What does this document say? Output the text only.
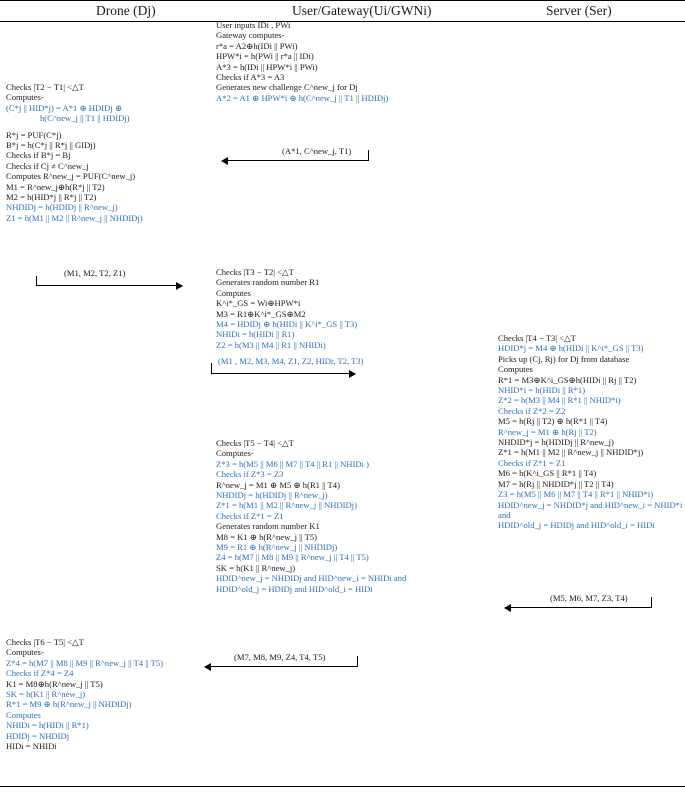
Drone (Dj)	User/Gateway(Ui/GWNi)	Server (Ser)
User inputs IDi , PWi
Gateway computes-
r*a = A2⊕h(IDi || PWi)
HPW*i = h(PWi || r*a || IDi)
A*3 = h(IDi || HPW*i || PWi)
Checks if A*3 = A3
Generates new challenge C^new_j for Dj
A*2 = A1 ⊕ HPW*i ⊕ h(C^new_j || T1 || HDIDj)
(A*1, C^new_j, T1)
Checks |T2 − T1| <△T
Computes-
(C*j || HID*j) = A*1 ⊕ HDIDj ⊕
h(C^new_j || T1 || HDIDj)
R*j = PUF(C*j)
B*j = h(C*j || R*j || GIDj)
Checks if B*j = Bj
Checks if Cj ≠ C^new_j
Computes R^new_j = PUF(C^new_j)
M1 = R^new_j⊕h(R*j || T2)
M2 = h(HID*j || R*j || T2)
NHDIDj = h(HDIDj || R^new_j)
Z1 = h(M1 || M2 || R^new_j || NHDIDj)
(M1, M2, T2, Z1)	Checks |T3 − T2| <△T
Generates random number R1
Computes
K^i*_GS = Wi⊕HPW*i
M3 = R1⊕K^i*_GS⊕M2
M4 = HDIDj ⊕ h(HIDi || K^i*_GS || T3)
NHIDi = h(HIDi || R1)
Z2 = h(M3 || M4 || R1 || NHIDi)
(M1 , M2, M3, M4, Z1, Z2, HIDi, T2, T3)
Checks |T4 − T3| <△T
HDID*j = M4 ⊕ h(HIDi || K^i*_GS || T3)
Picks up (Cj, Rj) for Dj from database
Computes
R*1 = M3⊕K^i_GS⊕h(HIDi || Rj || T2)
NHID*i = h(HIDi || R*1)
Z*2 = h(M3 || M4 || R*1 || NHID*i)
Checks if Z*2 = Z2
M5 = h(Rj || T2) ⊕ h(R*1 || T4)
R^new_j = M1 ⊕ h(Rj || T2)
NHDID*j = h(HDIDj || R^new_j)
Z*1 = h(M1 || M2 || R^new_j || NHDID*j)
Checks if Z*1 = Z1
M6 = h(K^i_GS || R*1 || T4)
M7 = h(Rj || NHDID*j || T2 || T4)
Z3 = h(M5 || M6 || M7 || T4 || R*1 || NHID*i)
HDID^new_j = NHDID*j and HID^new_i = NHID*i
and
HDID^old_j = HDIDj and HID^old_i = HIDi
(M5, M6, M7, Z3, T4)
Checks |T5 − T4| <△T
Computes-
Z*3 = h(M5 || M6 || M7 || T4 || R1 || NHIDi )
Checks if Z*3 = Z3
R^new_j = M1 ⊕ M5 ⊕ h(R1 || T4)
NHDIDj = h(HDIDj || R^new_j)
Z*1 = h(M1 || M2 || R^new_j || NHDIDj)
Checks if Z*1 = Z1
Generates random number K1
M8 = K1 ⊕ h(R^new_j || T5)
M9 = R1 ⊕ h(R^new_j || NHDIDj)
Z4 = h(M7 || M8 || M9 || R^new_j || T4 || T5)
SK = h(K1 || R^new_j)
HDID^new_j = NHDIDj and HID^new_i = NHIDi and
HDID^old_j = HDIDj and HID^old_i = HIDi
(M7, M8, M9, Z4, T4, T5)
Checks |T6 − T5| <△T
Computes-
Z*4 = h(M7 || M8 || M9 || R^new_j || T4 || T5)
Checks if Z*4 = Z4
K1 = M8⊕h(R^new_j || T5)
SK = h(K1 || R^new_j)
R*1 = M9 ⊕ h(R^new_j || NHDIDj)
Computes
NHIDi = h(HIDi || R*1)
HDIDj = NHDIDj
HIDi = NHIDi
